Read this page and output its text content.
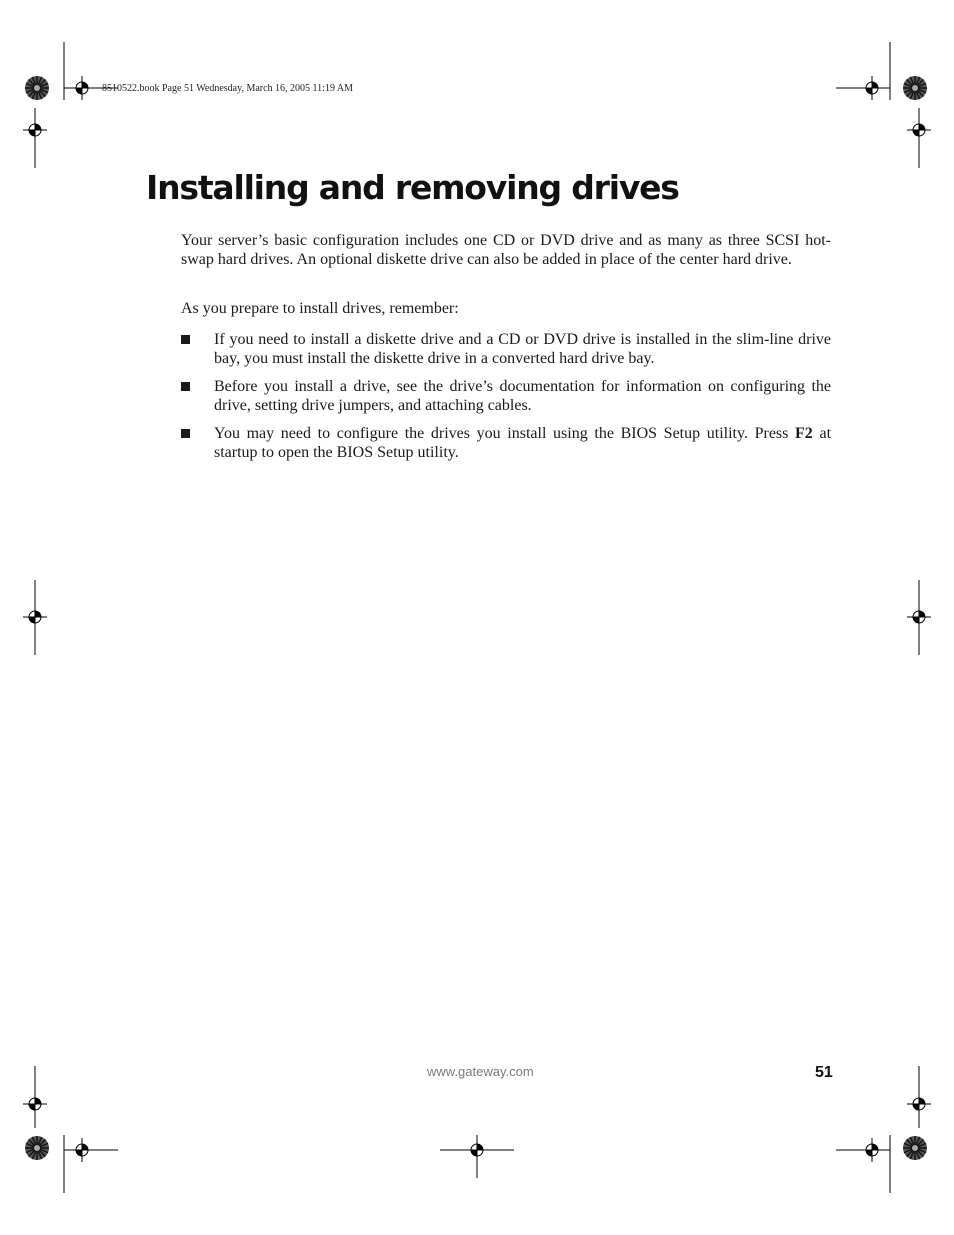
8510522.book Page 51 Wednesday, March 16, 2005 11:19 AM
Installing and removing drives

Your server’s basic configuration includes one CD or DVD drive and as many as three SCSI hot-swap hard drives. An optional diskette drive can also be added in place of the center hard drive.

As you prepare to install drives, remember:

If you need to install a diskette drive and a CD or DVD drive is installed in the slim-line drive bay, you must install the diskette drive in a converted hard drive bay.
Before you install a drive, see the drive’s documentation for information on configuring the drive, setting drive jumpers, and attaching cables.
You may need to configure the drives you install using the BIOS Setup utility. Press F2 at startup to open the BIOS Setup utility.
www.gateway.com	51
